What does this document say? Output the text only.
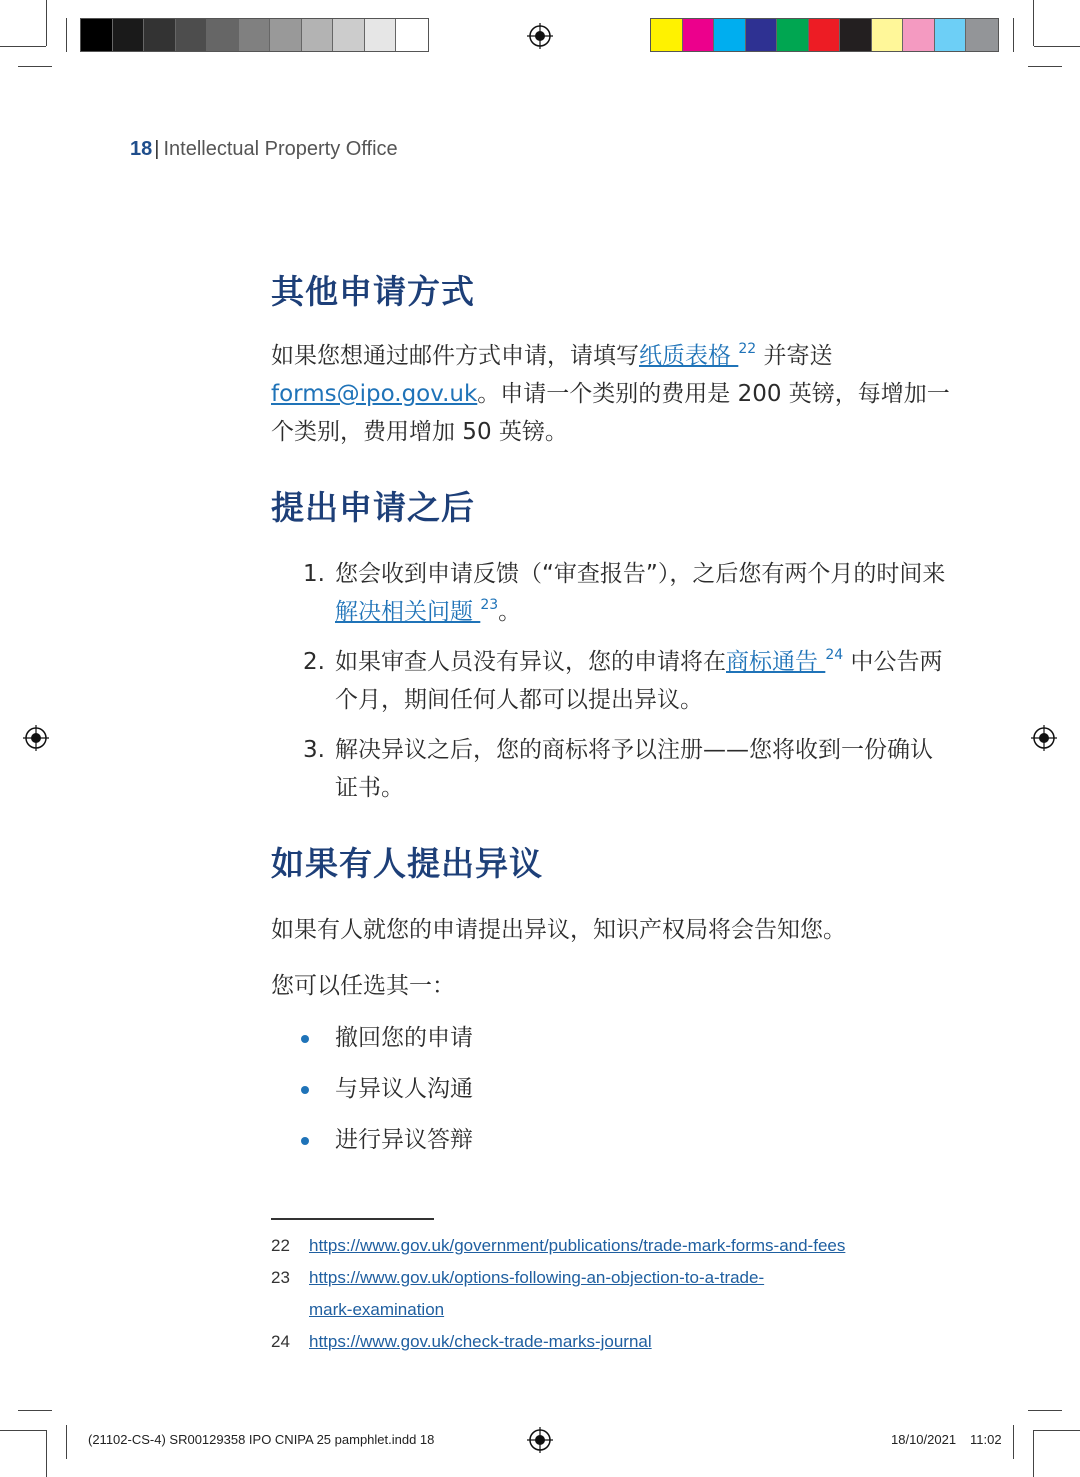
18 | Intellectual Property Office
其他申请方式

如果您想通过邮件方式申请，请填写纸质表格 $^{22}$ 并寄送 forms@ipo.gov.uk。申请一个类别的费用是 200 英镑，每增加一个类别，费用增加 50 英镑。

提出申请之后
1. 您会收到申请反馈（“审查报告”），之后您有两个月的时间来解决相关问题 $^{23}$。
2. 如果审查人员没有异议，您的申请将在商标通告 $^{24}$ 中公告两个月，期间任何人都可以提出异议。
3. 解决异议之后，您的商标将予以注册——您将收到一份确认证书。
如果有人提出异议

如果有人就您的申请提出异议，知识产权局将会告知您。

您可以任选其一：

撤回您的申请
与异议人沟通
进行异议答辩
22 https://www.gov.uk/government/publications/trade-mark-forms-and-fees
23 https://www.gov.uk/options-following-an-objection-to-a-trade-
mark-examination
24 https://www.gov.uk/check-trade-marks-journal
(21102-CS-4) SR00129358 IPO CNIPA 25 pamphlet.indd 18	18/10/2021 11:02
